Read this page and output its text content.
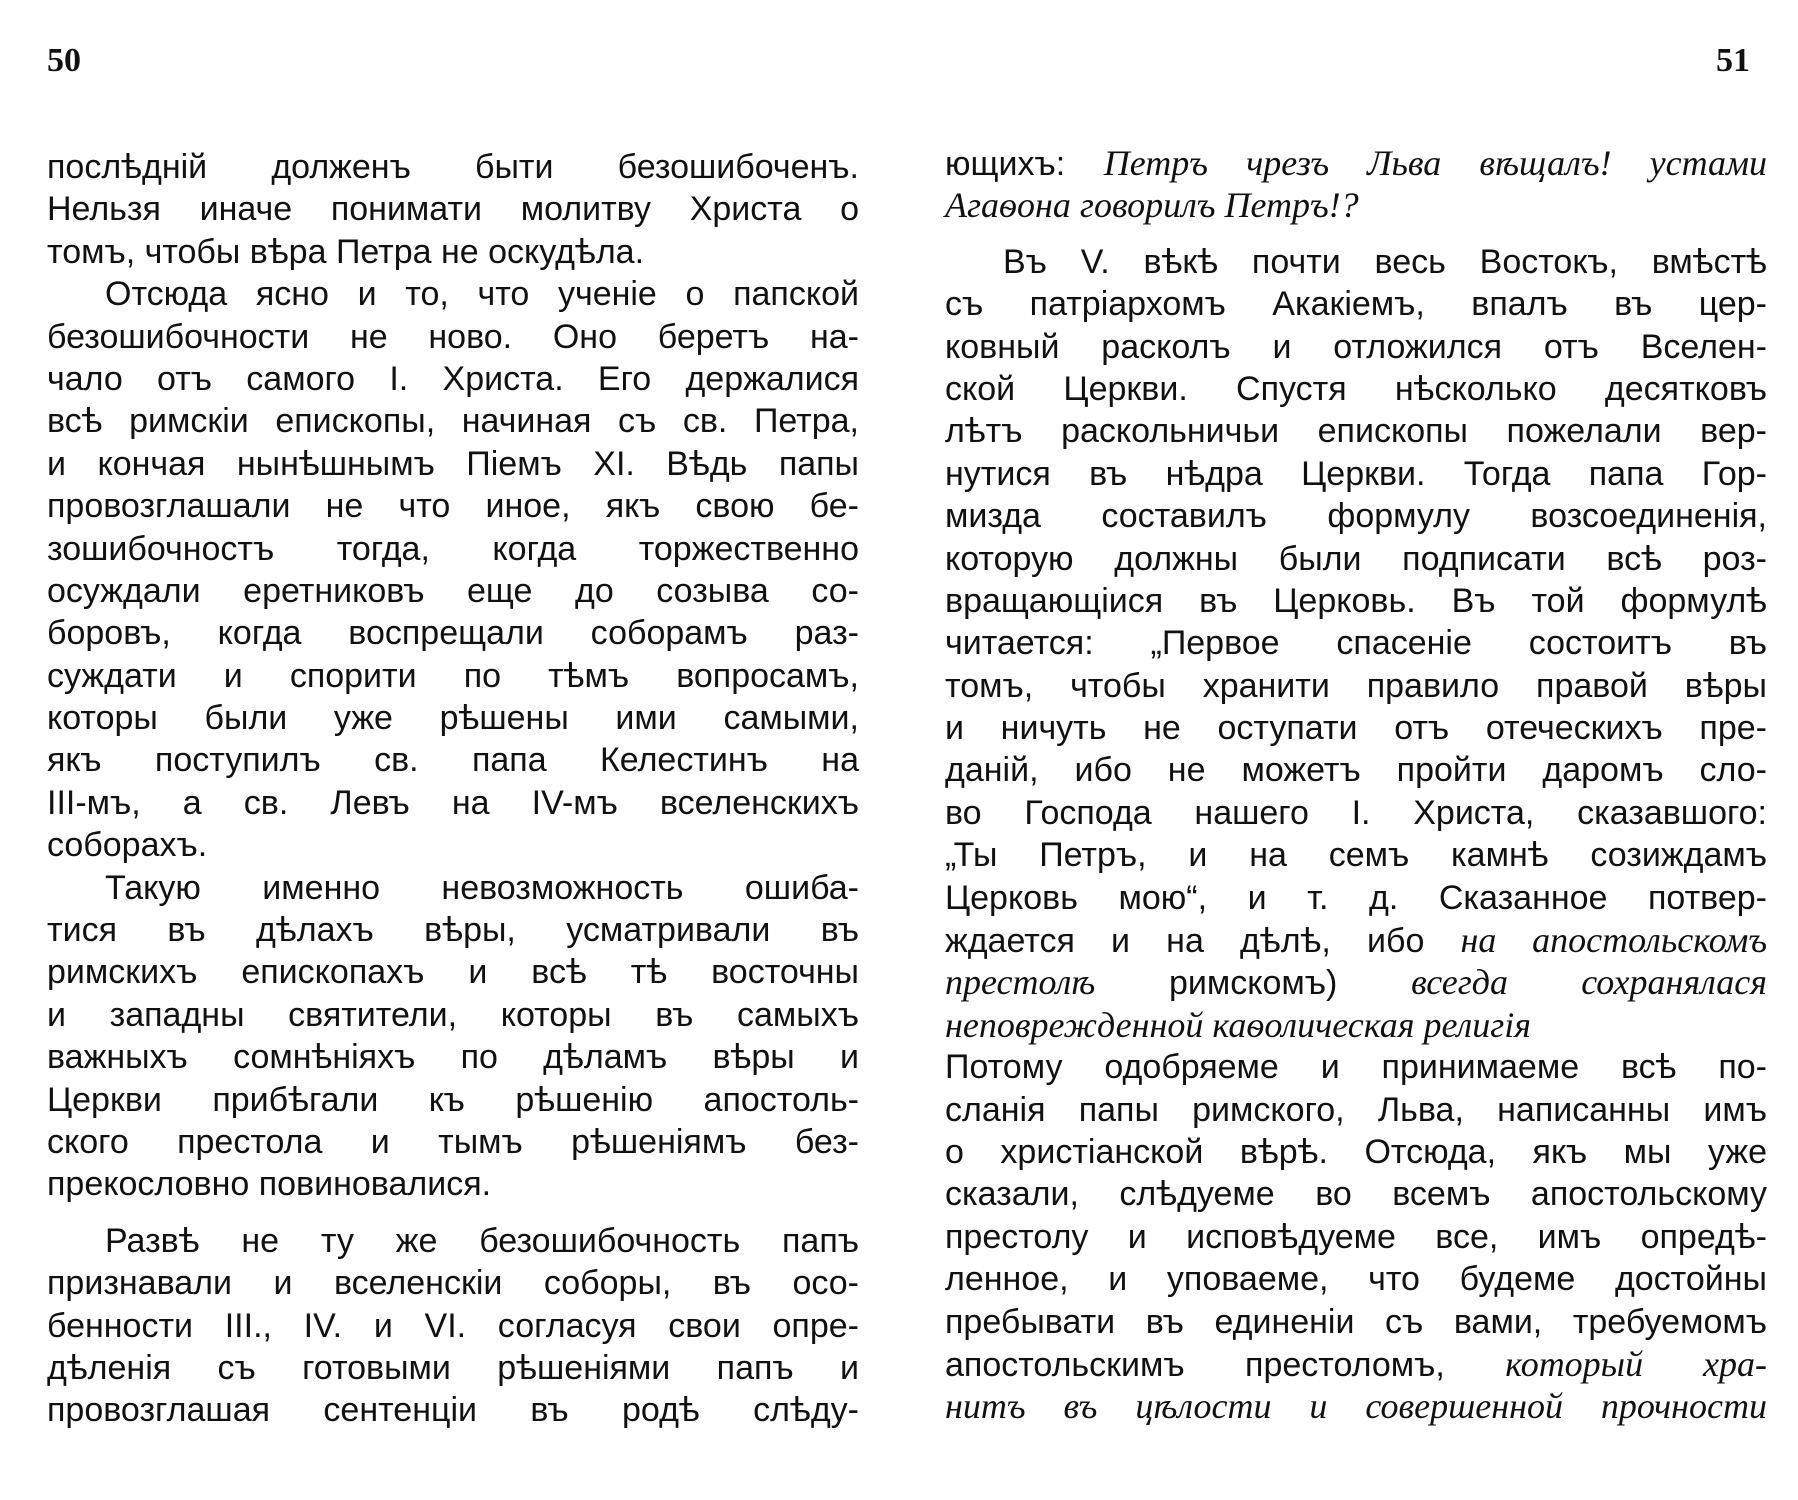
50	51
послѣднiй долженъ быти безошибоченъ.
Нельзя иначе понимати молитву Христа о
томъ, чтобы вѣра Петра не оскудѣла.
Отсюда ясно и то, что ученiе о папской
безошибочности не ново. Оно беретъ на-
чало отъ самого І. Христа. Его держалися
всѣ римскiи епископы, начиная съ св. Петра,
и кончая нынѣшнымъ Пiемъ XI. Вѣдь папы
провозглашали не что иное, якъ свою бе-
зошибочностъ тогда, когда торжественно
осуждали еретниковъ еще до созыва со-
боровъ, когда воспрещали соборамъ раз-
суждати и спорити по тѣмъ вопросамъ,
которы были уже рѣшены ими самыми,
якъ поступилъ св. папа Келестинъ на
III-мъ, а св. Левъ на IV-мъ вселенскихъ
соборахъ.
Такую именно невозможность ошиба-
тися въ дѣлахъ вѣры, усматривали въ
римскихъ епископахъ и всѣ тѣ восточны
и западны святители, которы въ самыхъ
важныхъ сомнѣнiяхъ по дѣламъ вѣры и
Церкви прибѣгали къ рѣшенiю апостоль-
ского престола и тымъ рѣшенiямъ без-
прекословно повиновалися.
Развѣ не ту же безошибочность папъ
признавали и вселенскiи соборы, въ осо-
бенности III., IV. и VI. согласуя свои опре-
дѣленiя съ готовыми рѣшенiями папъ и
провозглашая сентенцiи въ родѣ слѣду-
ющихъ: Петръ чрезъ Льва вѣщалъ! устами
Агаѳона говорилъ Петръ!?
Въ V. вѣкѣ почти весь Востокъ, вмѣстѣ
съ патрiархомъ Акакiемъ, впалъ въ цер-
ковный расколъ и отложился отъ Вселен-
ской Церкви. Спустя нѣсколько десятковъ
лѣтъ раскольничьи епископы пожелали вер-
нутися въ нѣдра Церкви. Тогда папа Гор-
мизда составилъ формулу возсоединенiя,
которую должны были подписати всѣ роз-
вращающiися въ Церковь. Въ той формулѣ
читается: „Первое спасенiе состоитъ въ
томъ, чтобы хранити правило правой вѣры
и ничуть не оступати отъ отеческихъ пре-
данiй, ибо не можетъ пройти даромъ сло-
во Господа нашего І. Христа, сказавшого:
„Ты Петръ, и на семъ камнѣ созиждамъ
Церковь мою“, и т. д. Сказанное потвер-
ждается и на дѣлѣ, ибо на апостольскомъ
престолѣ римскомъ) всегда сохранялася
неповрежденной каѳолическая религiя
Потому одобряеме и принимаеме всѣ по-
сланiя папы римского, Льва, написанны имъ
о христiанской вѣрѣ. Отсюда, якъ мы уже
сказали, слѣдуеме во всемъ апостольскому
престолу и исповѣдуеме все, имъ опредѣ-
ленное, и уповаеме, что будеме достойны
пребывати въ единенiи съ вами, требуемомъ
апостольскимъ престоломъ, который хра-
нитъ въ цѣлости и совершенной прочности
